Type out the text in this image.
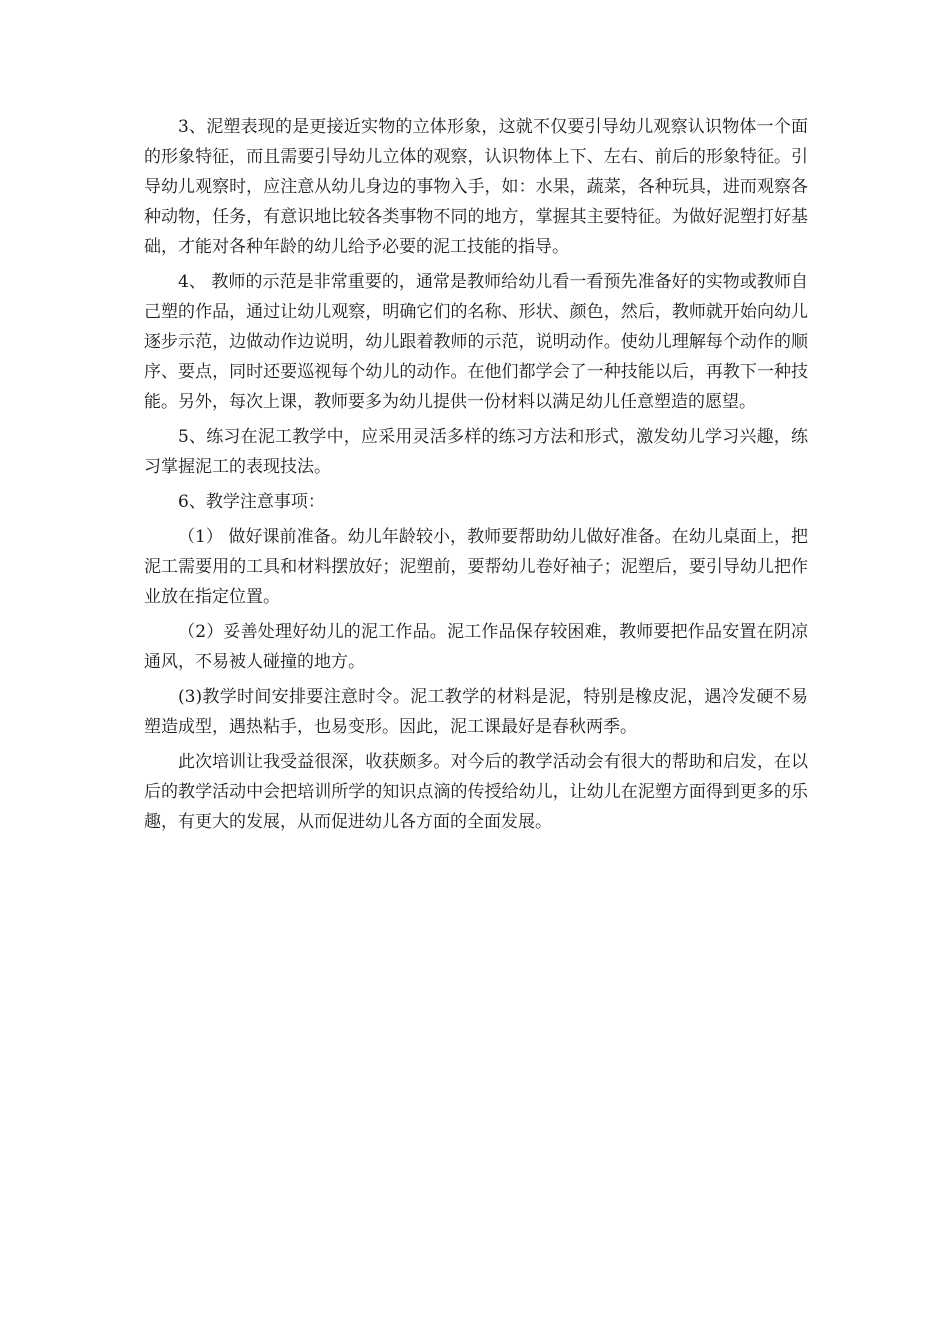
3、泥塑表现的是更接近实物的立体形象，这就不仅要引导幼儿观察认识物体一个面的形象特征，而且需要引导幼儿立体的观察，认识物体上下、左右、前后的形象特征。引导幼儿观察时，应注意从幼儿身边的事物入手，如：水果，蔬菜，各种玩具，进而观察各种动物，任务，有意识地比较各类事物不同的地方，掌握其主要特征。为做好泥塑打好基础，才能对各种年龄的幼儿给予必要的泥工技能的指导。

4、 教师的示范是非常重要的，通常是教师给幼儿看一看预先准备好的实物或教师自己塑的作品，通过让幼儿观察，明确它们的名称、形状、颜色，然后，教师就开始向幼儿逐步示范，边做动作边说明，幼儿跟着教师的示范，说明动作。使幼儿理解每个动作的顺序、要点，同时还要巡视每个幼儿的动作。在他们都学会了一种技能以后，再教下一种技能。另外，每次上课，教师要多为幼儿提供一份材料以满足幼儿任意塑造的愿望。

5、练习在泥工教学中，应采用灵活多样的练习方法和形式，激发幼儿学习兴趣，练习掌握泥工的表现技法。

6、教学注意事项：

（1） 做好课前准备。幼儿年龄较小，教师要帮助幼儿做好准备。在幼儿桌面上，把泥工需要用的工具和材料摆放好；泥塑前，要帮幼儿卷好袖子；泥塑后，要引导幼儿把作业放在指定位置。

（2）妥善处理好幼儿的泥工作品。泥工作品保存较困难，教师要把作品安置在阴凉通风，不易被人碰撞的地方。

(3)教学时间安排要注意时令。泥工教学的材料是泥，特别是橡皮泥，遇冷发硬不易塑造成型，遇热粘手，也易变形。因此，泥工课最好是春秋两季。

此次培训让我受益很深，收获颇多。对今后的教学活动会有很大的帮助和启发，在以后的教学活动中会把培训所学的知识点滴的传授给幼儿，让幼儿在泥塑方面得到更多的乐趣，有更大的发展，从而促进幼儿各方面的全面发展。
